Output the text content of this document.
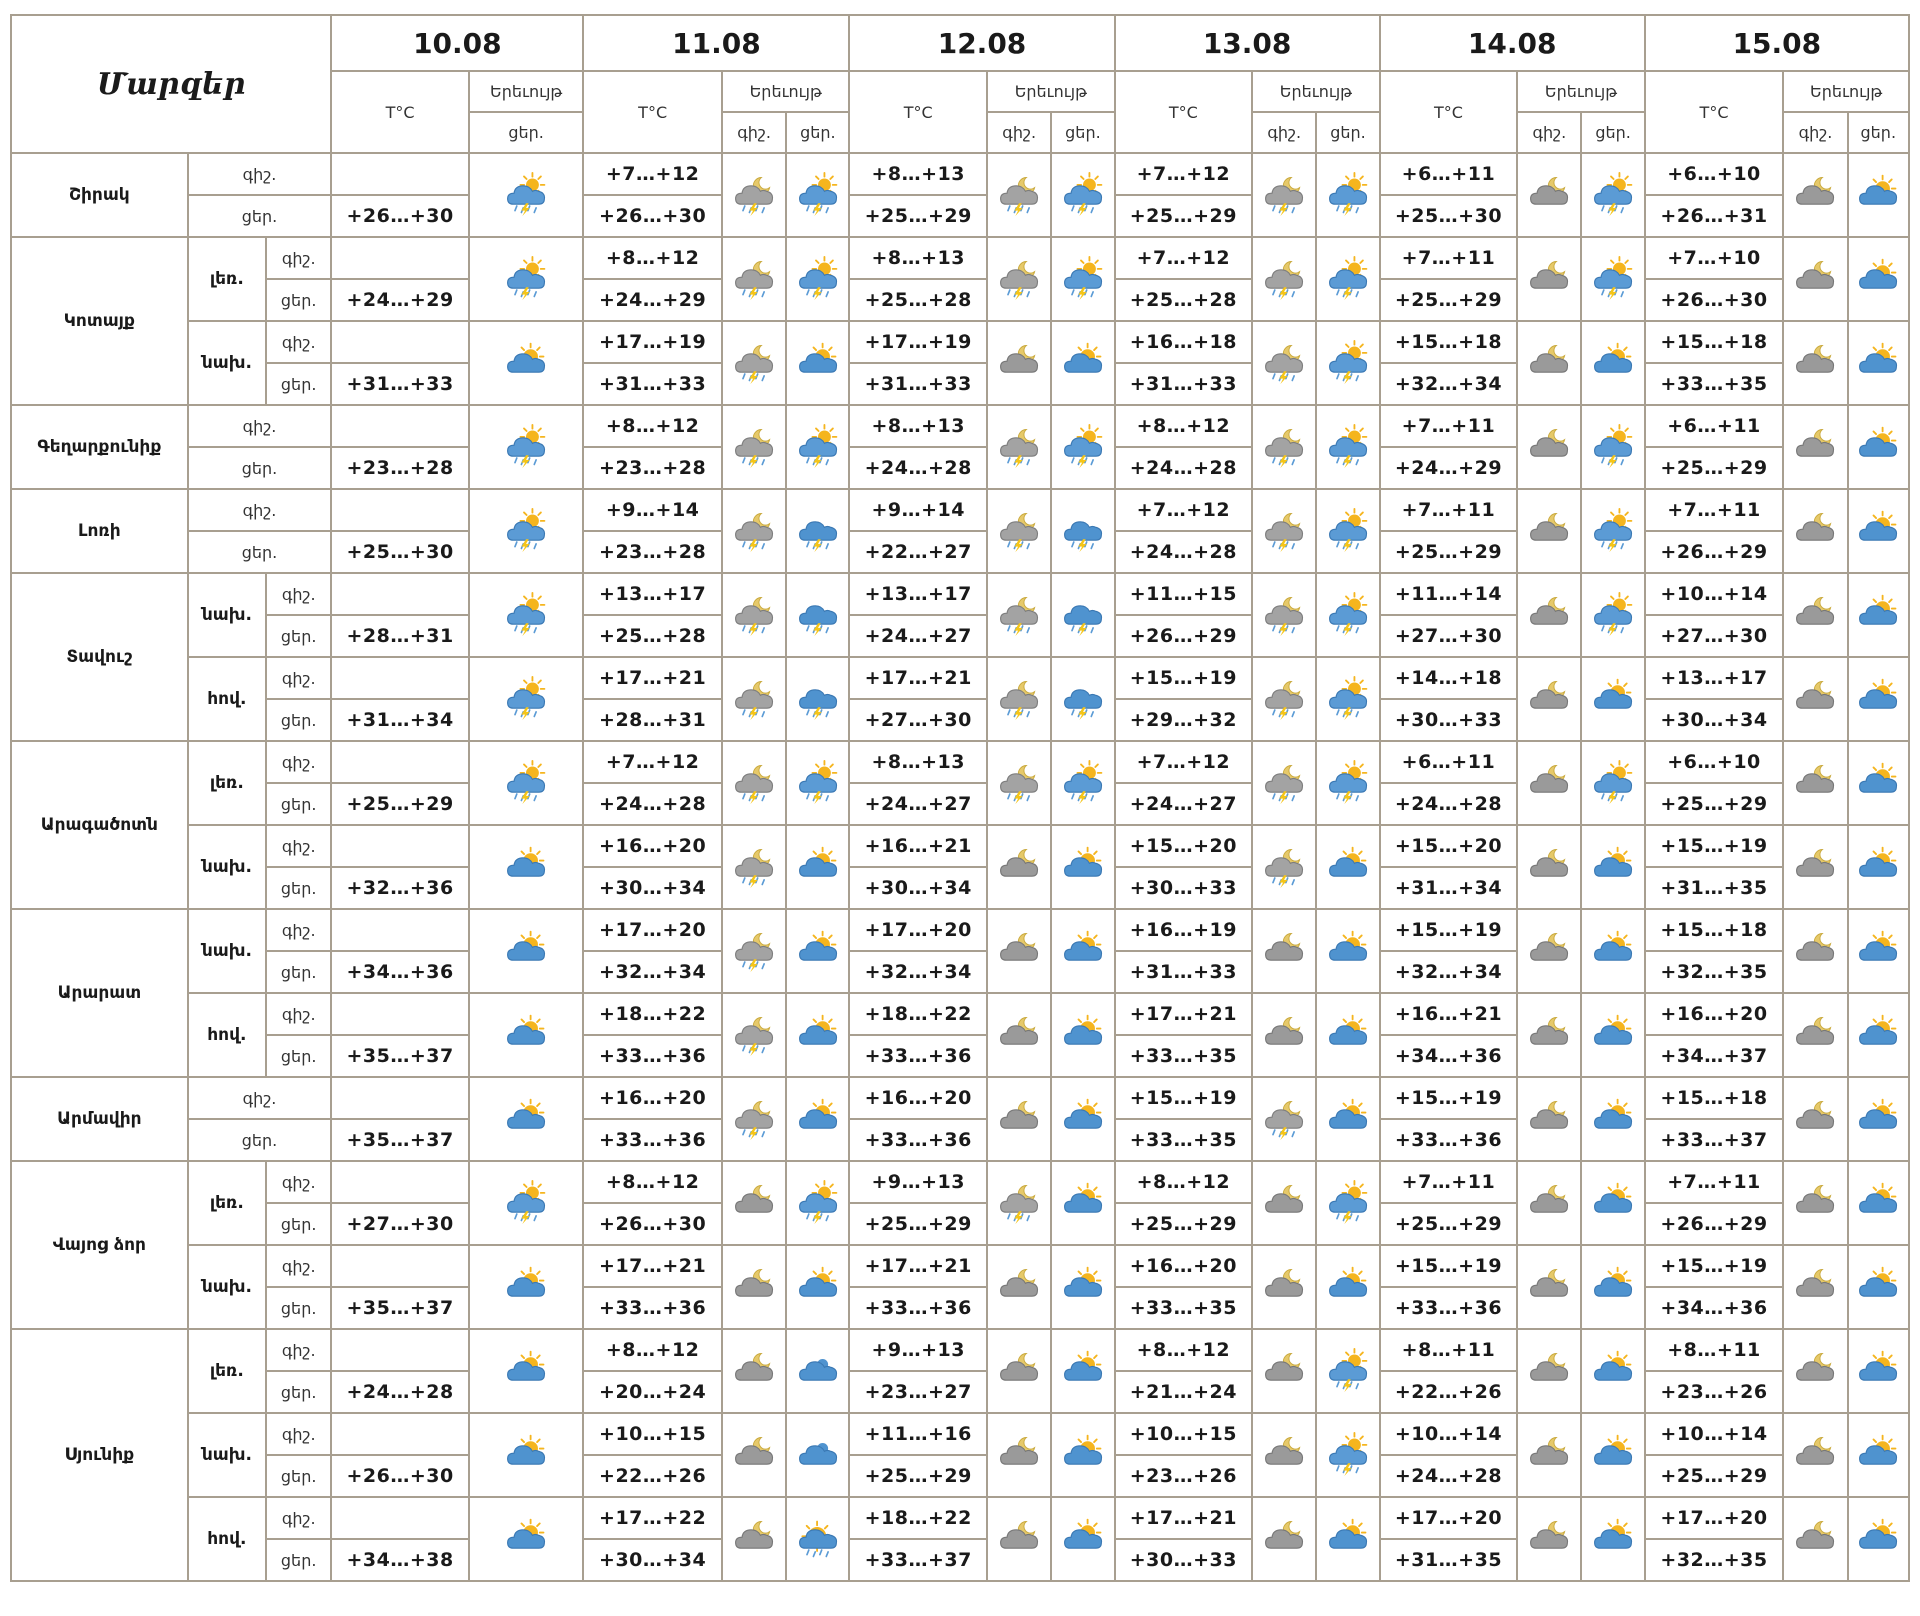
Մարզեր			10.08		11.08			12.08			13.08			14.08			15.08		
			T°C	Երեւույթ	T°C	Երեւույթ		T°C	Երեւույթ		T°C	Երեւույթ		T°C	Երեւույթ		T°C	Երեւույթ	
				ցեր.		գիշ.	ցեր.		գիշ.	ցեր.		գիշ.	ցեր.		գիշ.	ցեր.		գիշ.	ցեր.
Շիրակ	գիշ.				+7…+12			+8…+13			+7…+12			+6…+11			+6…+10	

	ցեր.		+26…+30		+26…+30			+25…+29			+25…+29			+25…+30			+26…+31		
Կոտայք	լեռ.	գիշ.			+8…+12			+8…+13			+7…+12			+7…+11			+7…+10	

		ցեր.	+24…+29		+24…+29			+25…+28			+25…+28			+25…+29			+26…+30		
	նախ.	գիշ.			+17…+19			+17…+19			+16…+18			+15…+18			+15…+18	

		ցեր.	+31…+33		+31…+33			+31…+33			+31…+33			+32…+34			+33…+35		
Գեղարքունիք	գիշ.				+8…+12			+8…+13			+8…+12			+7…+11			+6…+11	

	ցեր.		+23…+28		+23…+28			+24…+28			+24…+28			+24…+29			+25…+29		
Լոռի	գիշ.				+9…+14			+9…+14			+7…+12			+7…+11			+7…+11	

	ցեր.		+25…+30		+23…+28			+22…+27			+24…+28			+25…+29			+26…+29		
Տավուշ	նախ.	գիշ.			+13…+17			+13…+17			+11…+15			+11…+14			+10…+14	

		ցեր.	+28…+31		+25…+28			+24…+27			+26…+29			+27…+30			+27…+30		
	հով.	գիշ.			+17…+21			+17…+21			+15…+19			+14…+18			+13…+17	

		ցեր.	+31…+34		+28…+31			+27…+30			+29…+32			+30…+33			+30…+34		
Արագածոտն	լեռ.	գիշ.			+7…+12			+8…+13			+7…+12			+6…+11			+6…+10	

		ցեր.	+25…+29		+24…+28			+24…+27			+24…+27			+24…+28			+25…+29		
	նախ.	գիշ.			+16…+20			+16…+21			+15…+20			+15…+20			+15…+19	

		ցեր.	+32…+36		+30…+34			+30…+34			+30…+33			+31…+34			+31…+35		
Արարատ	նախ.	գիշ.			+17…+20			+17…+20			+16…+19			+15…+19			+15…+18	

		ցեր.	+34…+36		+32…+34			+32…+34			+31…+33			+32…+34			+32…+35		
	հով.	գիշ.			+18…+22			+18…+22			+17…+21			+16…+21			+16…+20	

		ցեր.	+35…+37		+33…+36			+33…+36			+33…+35			+34…+36			+34…+37		
Արմավիր	գիշ.				+16…+20			+16…+20			+15…+19			+15…+19			+15…+18	

	ցեր.		+35…+37		+33…+36			+33…+36			+33…+35			+33…+36			+33…+37		
Վայոց ձոր	լեռ.	գիշ.			+8…+12			+9…+13			+8…+12			+7…+11			+7…+11	

		ցեր.	+27…+30		+26…+30			+25…+29			+25…+29			+25…+29			+26…+29		
	նախ.	գիշ.			+17…+21			+17…+21			+16…+20			+15…+19			+15…+19	

		ցեր.	+35…+37		+33…+36			+33…+36			+33…+35			+33…+36			+34…+36		
Սյունիք	լեռ.	գիշ.			+8…+12			+9…+13			+8…+12			+8…+11			+8…+11	

		ցեր.	+24…+28		+20…+24			+23…+27			+21…+24			+22…+26			+23…+26		
	նախ.	գիշ.			+10…+15			+11…+16			+10…+15			+10…+14			+10…+14	

		ցեր.	+26…+30		+22…+26			+25…+29			+23…+26			+24…+28			+25…+29		
	հով.	գիշ.			+17…+22			+18…+22			+17…+21			+17…+20			+17…+20	

		ցեր.	+34…+38		+30…+34			+33…+37			+30…+33			+31…+35			+32…+35		
